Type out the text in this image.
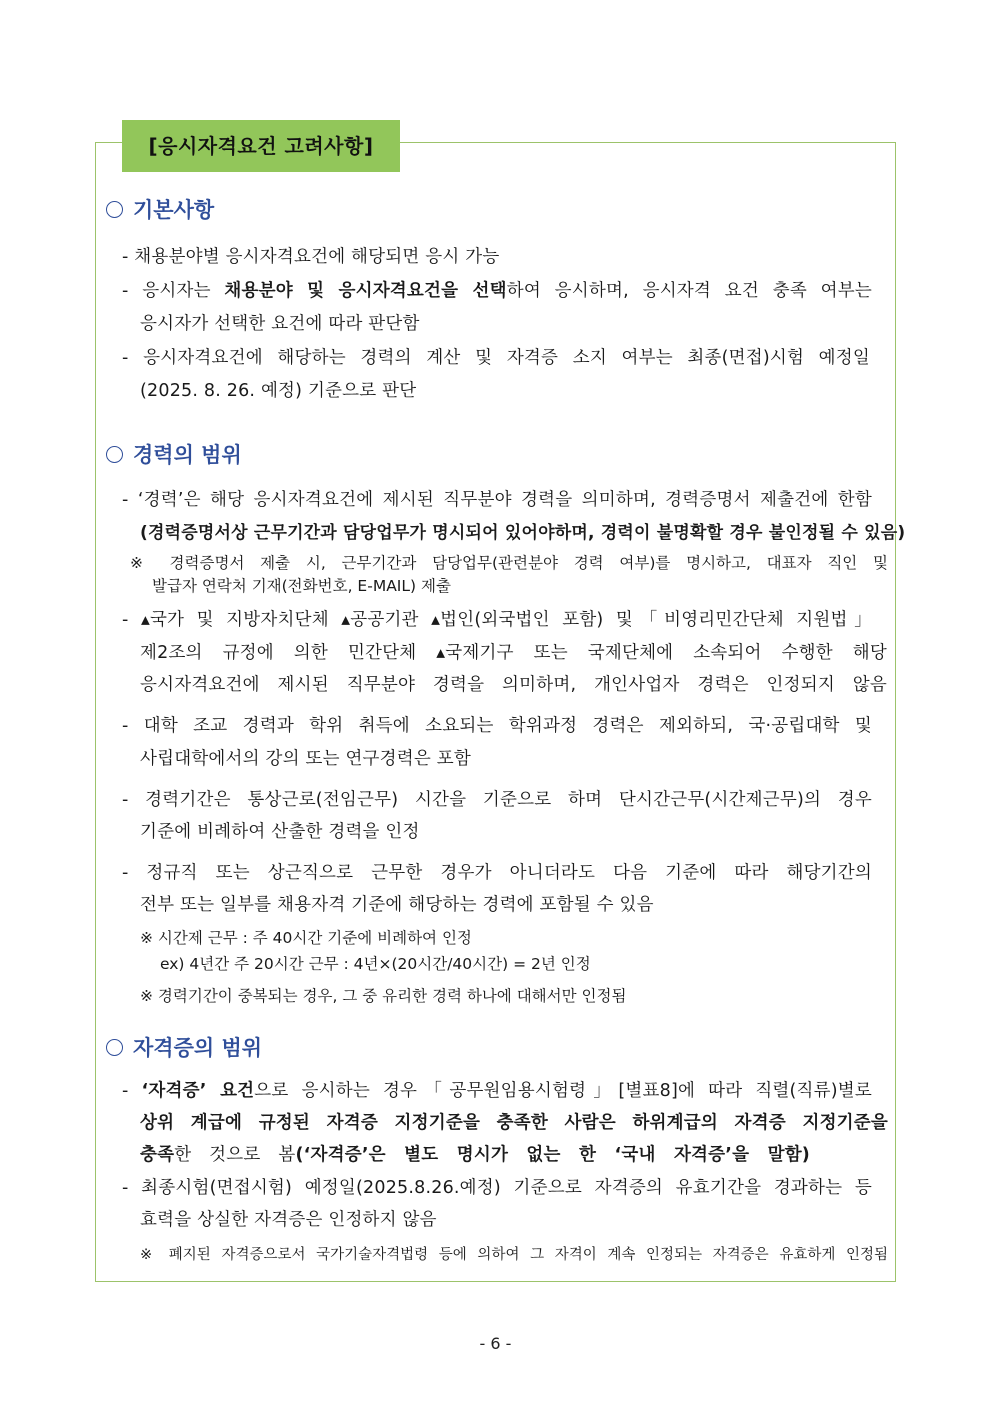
[응시자격요건 고려사항]
기본사항
- 채용분야별 응시자격요건에 해당되면 응시 가능
- 응시자는 채용분야 및 응시자격요건을 선택하여 응시하며, 응시자격 요건 충족 여부는
응시자가 선택한 요건에 따라 판단함
- 응시자격요건에 해당하는 경력의 계산 및 자격증 소지 여부는 최종(면접)시험 예정일
(2025. 8. 26. 예정) 기준으로 판단
경력의 범위
- ‘경력’은 해당 응시자격요건에 제시된 직무분야 경력을 의미하며, 경력증명서 제출건에 한함
(경력증명서상 근무기간과 담당업무가 명시되어 있어야하며, 경력이 불명확할 경우 불인정될 수 있음)
※ 경력증명서 제출 시, 근무기간과 담당업무(관련분야 경력 여부)를 명시하고, 대표자 직인 및
발급자 연락처 기재(전화번호, E-MAIL) 제출
- ▴국가 및 지방자치단체 ▴공공기관 ▴법인(외국법인 포함) 및「비영리민간단체 지원법」
제2조의 규정에 의한 민간단체 ▴국제기구 또는 국제단체에 소속되어 수행한 해당
응시자격요건에 제시된 직무분야 경력을 의미하며, 개인사업자 경력은 인정되지 않음
- 대학 조교 경력과 학위 취득에 소요되는 학위과정 경력은 제외하되, 국·공립대학 및
사립대학에서의 강의 또는 연구경력은 포함
- 경력기간은 통상근로(전임근무) 시간을 기준으로 하며 단시간근무(시간제근무)의 경우
기준에 비례하여 산출한 경력을 인정
- 정규직 또는 상근직으로 근무한 경우가 아니더라도 다음 기준에 따라 해당기간의
전부 또는 일부를 채용자격 기준에 해당하는 경력에 포함될 수 있음
※ 시간제 근무 : 주 40시간 기준에 비례하여 인정
ex) 4년간 주 20시간 근무 : 4년×(20시간/40시간) = 2년 인정
※ 경력기간이 중복되는 경우, 그 중 유리한 경력 하나에 대해서만 인정됨
자격증의 범위
- ‘자격증’ 요건으로 응시하는 경우「공무원임용시험령」[별표8]에 따라 직렬(직류)별로
상위 계급에 규정된 자격증 지정기준을 충족한 사람은 하위계급의 자격증 지정기준을
충족한 것으로 봄(‘자격증’은 별도 명시가 없는 한 ‘국내 자격증’을 말함)
- 최종시험(면접시험) 예정일(2025.8.26.예정) 기준으로 자격증의 유효기간을 경과하는 등
효력을 상실한 자격증은 인정하지 않음
※ 폐지된 자격증으로서 국가기술자격법령 등에 의하여 그 자격이 계속 인정되는 자격증은 유효하게 인정됨
- 6 -
